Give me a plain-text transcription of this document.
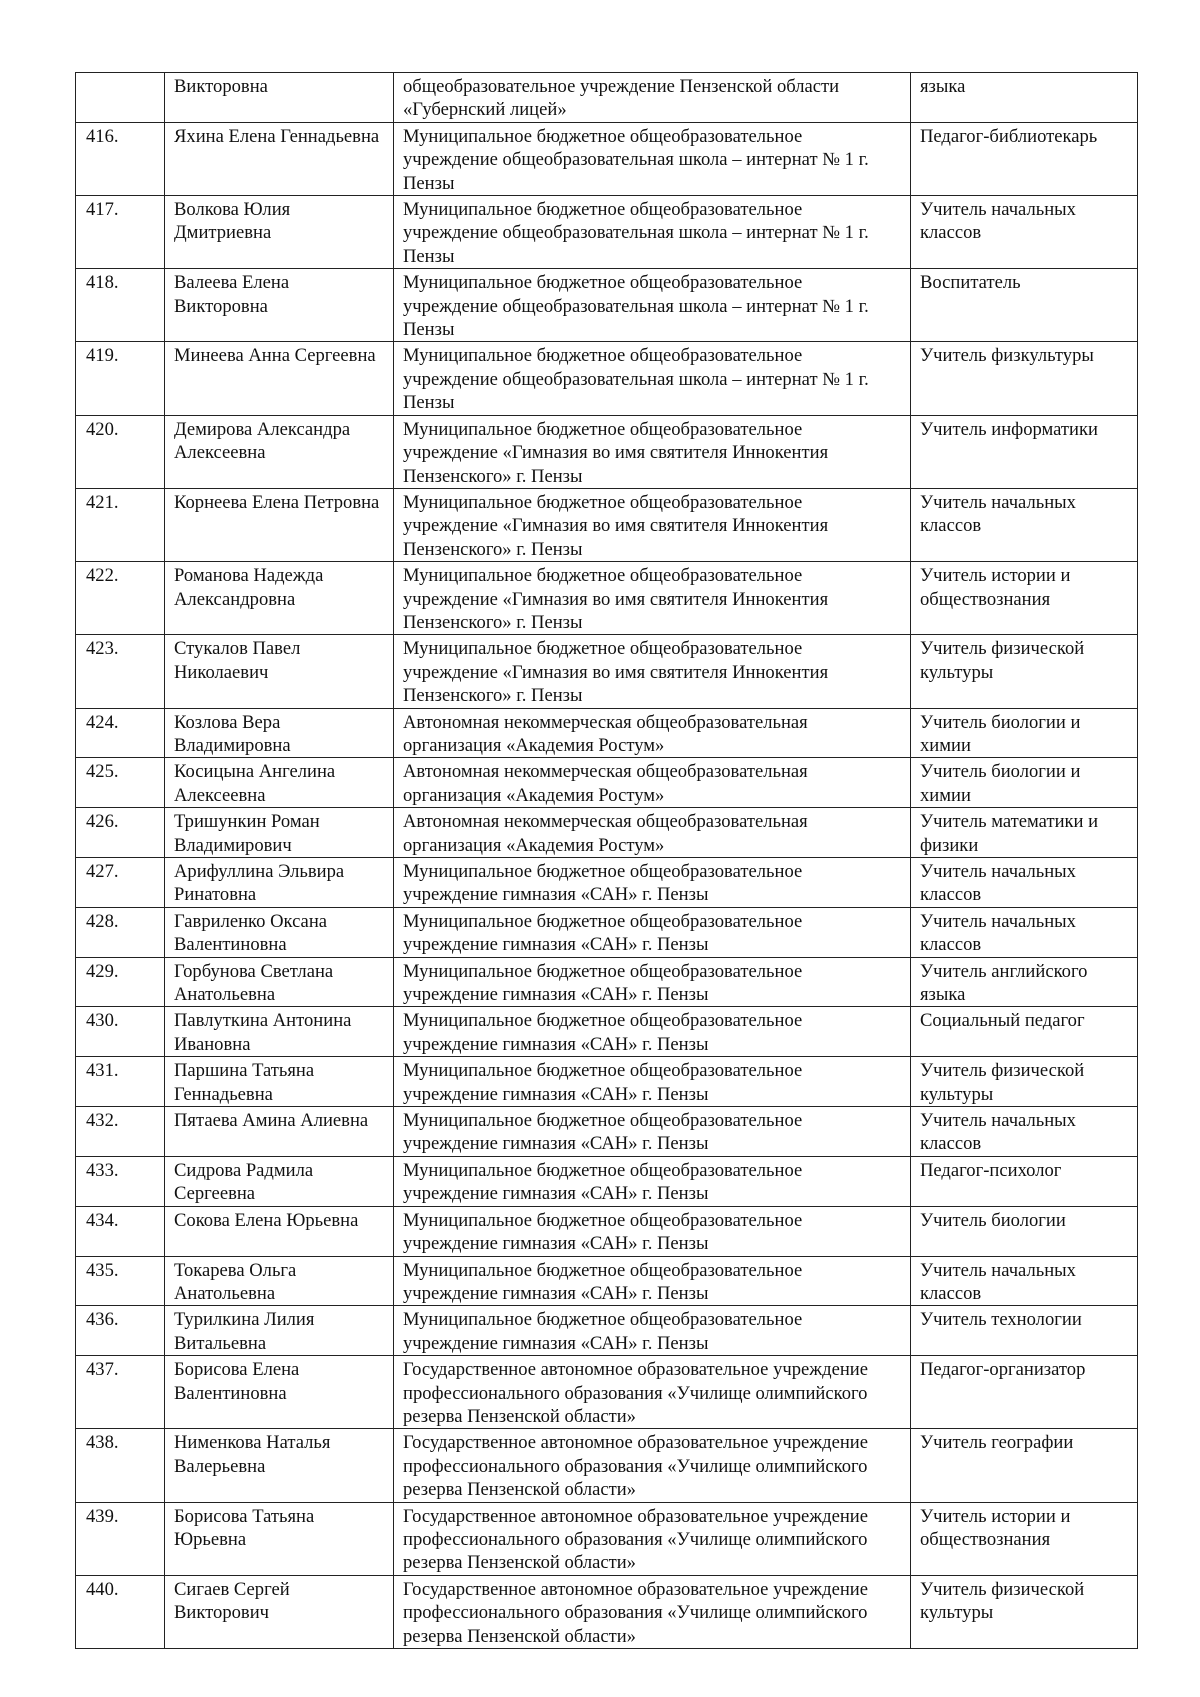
	Викторовна	общеобразовательное учреждение Пензенской области «Губернский лицей»	языка
416.	Яхина Елена Геннадьевна	Муниципальное бюджетное общеобразовательное учреждение общеобразовательная школа – интернат № 1 г. Пензы	Педагог-библиотекарь
417.	Волкова Юлия Дмитриевна	Муниципальное бюджетное общеобразовательное учреждение общеобразовательная школа – интернат № 1 г. Пензы	Учитель начальных классов
418.	Валеева Елена Викторовна	Муниципальное бюджетное общеобразовательное учреждение общеобразовательная школа – интернат № 1 г. Пензы	Воспитатель
419.	Минеева Анна Сергеевна	Муниципальное бюджетное общеобразовательное учреждение общеобразовательная школа – интернат № 1 г. Пензы	Учитель физкультуры
420.	Демирова Александра Алексеевна	Муниципальное бюджетное общеобразовательное учреждение «Гимназия во имя святителя Иннокентия Пензенского» г. Пензы	Учитель информатики
421.	Корнеева Елена Петровна	Муниципальное бюджетное общеобразовательное учреждение «Гимназия во имя святителя Иннокентия Пензенского» г. Пензы	Учитель начальных классов
422.	Романова Надежда Александровна	Муниципальное бюджетное общеобразовательное учреждение «Гимназия во имя святителя Иннокентия Пензенского» г. Пензы	Учитель истории и обществознания
423.	Стукалов Павел Николаевич	Муниципальное бюджетное общеобразовательное учреждение «Гимназия во имя святителя Иннокентия Пензенского» г. Пензы	Учитель физической культуры
424.	Козлова Вера Владимировна	Автономная некоммерческая общеобразовательная организация «Академия Ростум»	Учитель биологии и химии
425.	Косицына Ангелина Алексеевна	Автономная некоммерческая общеобразовательная организация «Академия Ростум»	Учитель биологии и химии
426.	Тришункин Роман Владимирович	Автономная некоммерческая общеобразовательная организация «Академия Ростум»	Учитель математики и физики
427.	Арифуллина Эльвира Ринатовна	Муниципальное бюджетное общеобразовательное учреждение гимназия «САН» г. Пензы	Учитель начальных классов
428.	Гавриленко Оксана Валентиновна	Муниципальное бюджетное общеобразовательное учреждение гимназия «САН» г. Пензы	Учитель начальных классов
429.	Горбунова Светлана Анатольевна	Муниципальное бюджетное общеобразовательное учреждение гимназия «САН» г. Пензы	Учитель английского языка
430.	Павлуткина Антонина Ивановна	Муниципальное бюджетное общеобразовательное учреждение гимназия «САН» г. Пензы	Социальный педагог
431.	Паршина Татьяна Геннадьевна	Муниципальное бюджетное общеобразовательное учреждение гимназия «САН» г. Пензы	Учитель физической культуры
432.	Пятаева Амина Алиевна	Муниципальное бюджетное общеобразовательное учреждение гимназия «САН» г. Пензы	Учитель начальных классов
433.	Сидрова Радмила Сергеевна	Муниципальное бюджетное общеобразовательное учреждение гимназия «САН» г. Пензы	Педагог-психолог
434.	Сокова Елена Юрьевна	Муниципальное бюджетное общеобразовательное учреждение гимназия «САН» г. Пензы	Учитель биологии
435.	Токарева Ольга Анатольевна	Муниципальное бюджетное общеобразовательное учреждение гимназия «САН» г. Пензы	Учитель начальных классов
436.	Турилкина Лилия Витальевна	Муниципальное бюджетное общеобразовательное учреждение гимназия «САН» г. Пензы	Учитель технологии
437.	Борисова Елена Валентиновна	Государственное автономное образовательное учреждение профессионального образования «Училище олимпийского резерва Пензенской области»	Педагог-организатор
438.	Нименкова Наталья Валерьевна	Государственное автономное образовательное учреждение профессионального образования «Училище олимпийского резерва Пензенской области»	Учитель географии
439.	Борисова Татьяна Юрьевна	Государственное автономное образовательное учреждение профессионального образования «Училище олимпийского резерва Пензенской области»	Учитель истории и обществознания
440.	Сигаев Сергей Викторович	Государственное автономное образовательное учреждение профессионального образования «Училище олимпийского резерва Пензенской области»	Учитель физической культуры
